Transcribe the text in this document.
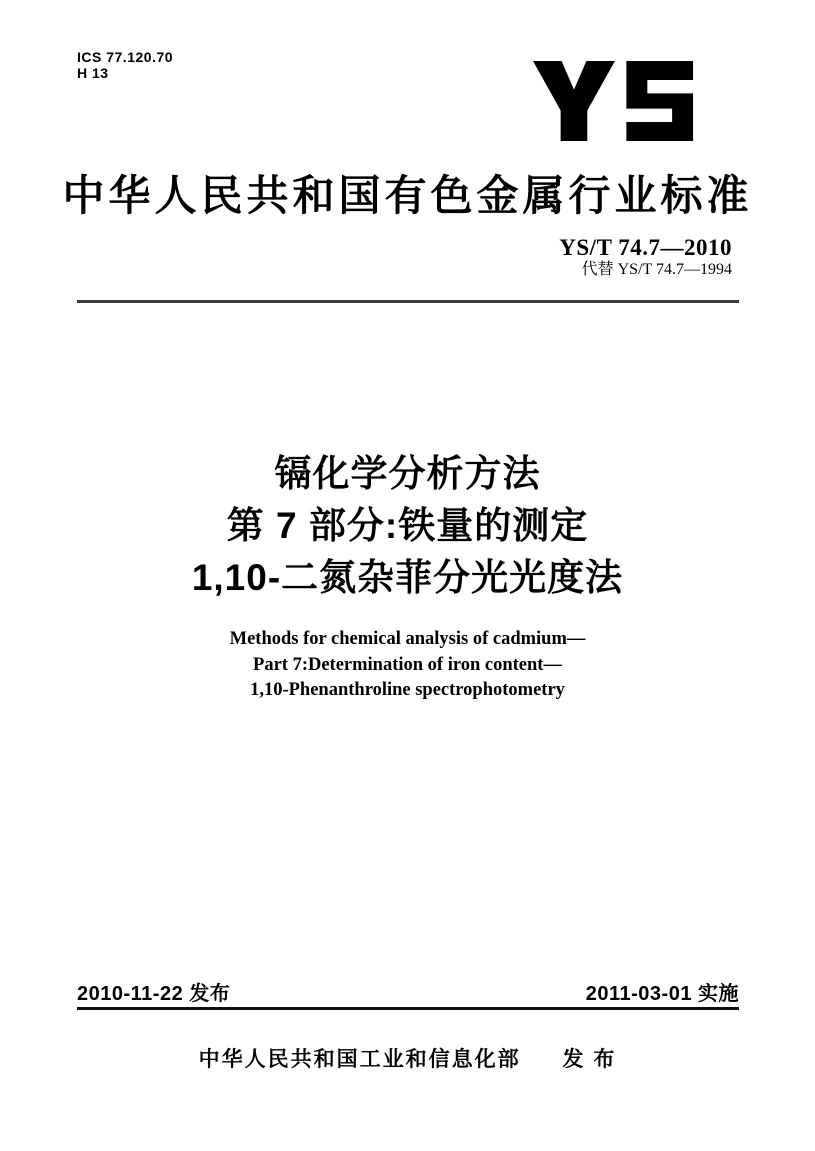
ICS 77.120.70
H 13
中华人民共和国有色金属行业标准
YS/T 74.7—2010
代替 YS/T 74.7—1994
镉化学分析方法
第 7 部分:铁量的测定
1,10-二氮杂菲分光光度法
Methods for chemical analysis of cadmium—
Part 7:Determination of iron content—
1,10-Phenanthroline spectrophotometry
2010-11-22 发布	2011-03-01 实施
中华人民共和国工业和信息化部 发 布
